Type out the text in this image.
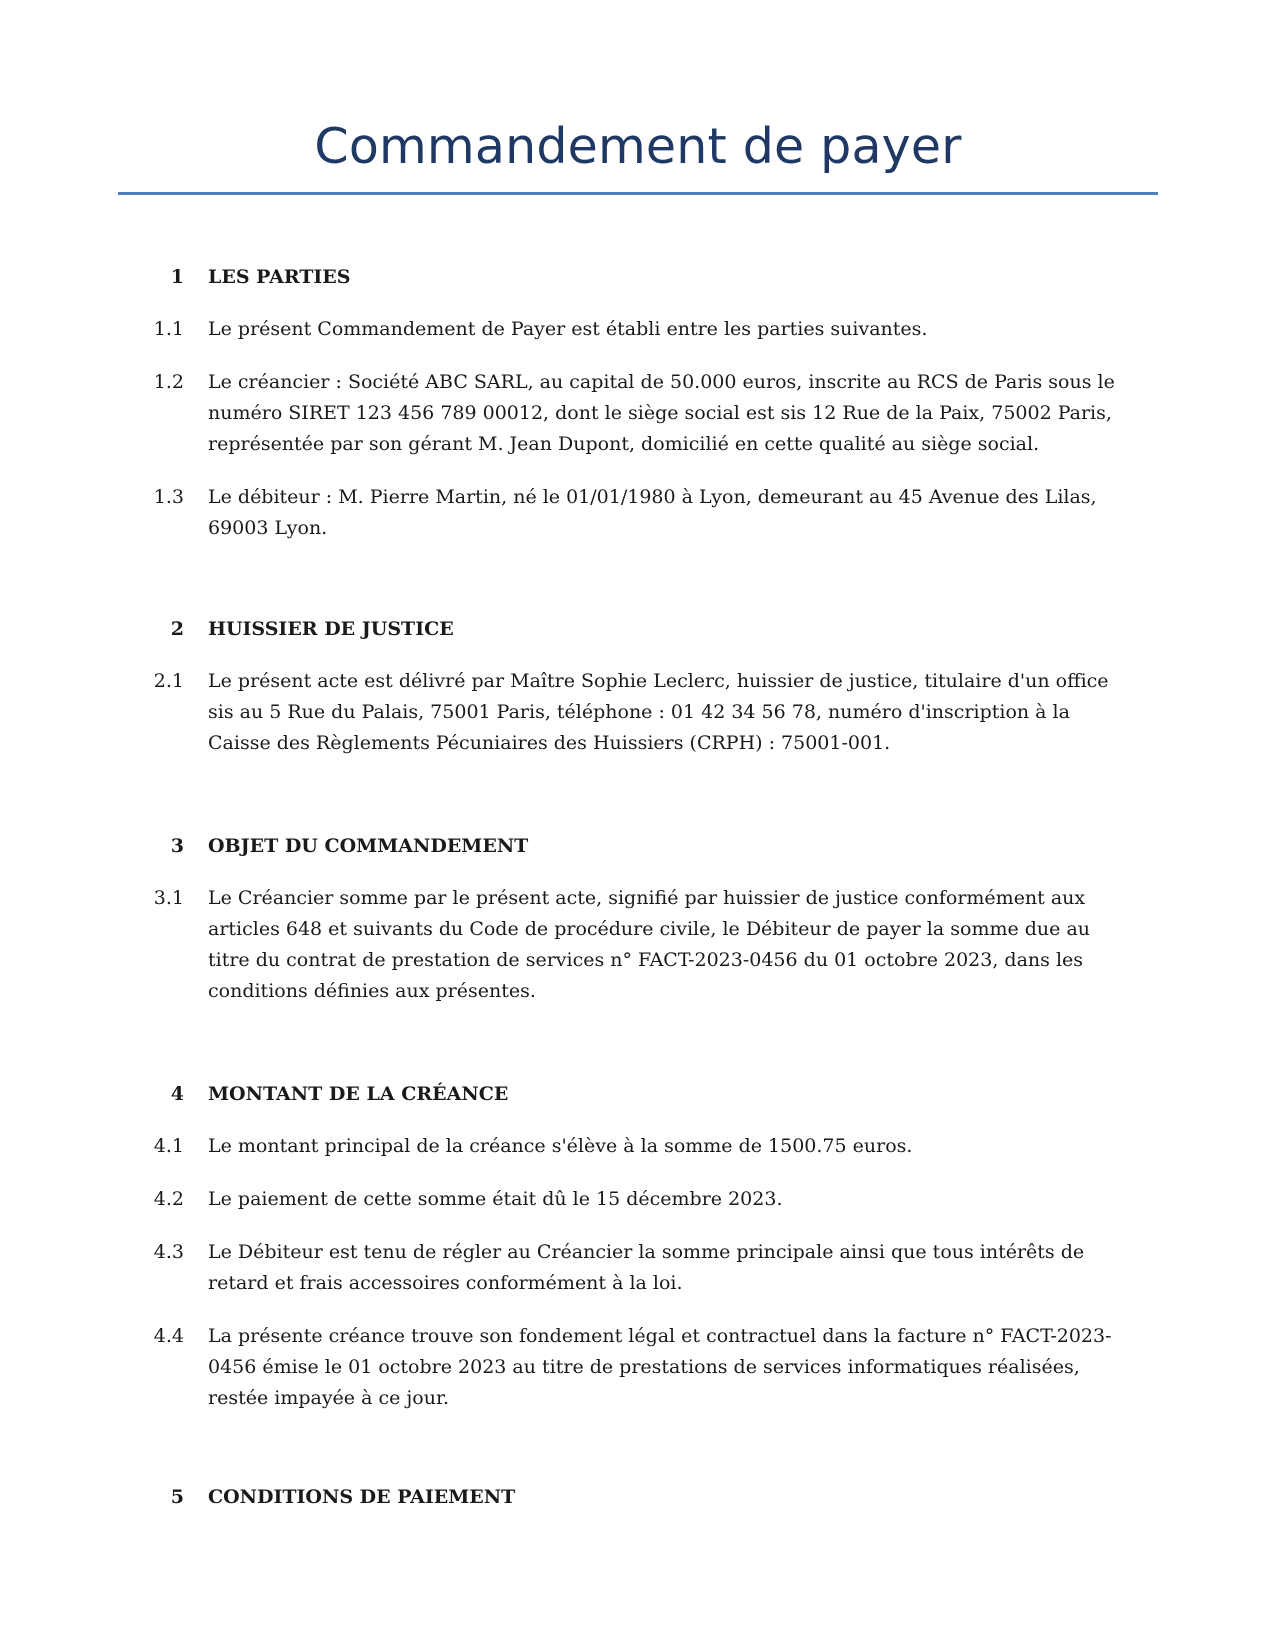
Commandement de payer
1 LES PARTIES
1.1 Le présent Commandement de Payer est établi entre les parties suivantes.
1.2 Le créancier : Société ABC SARL, au capital de 50.000 euros, inscrite au RCS de Paris sous le numéro SIRET 123 456 789 00012, dont le siège social est sis 12 Rue de la Paix, 75002 Paris, représentée par son gérant M. Jean Dupont, domicilié en cette qualité au siège social.
1.3 Le débiteur : M. Pierre Martin, né le 01/01/1980 à Lyon, demeurant au 45 Avenue des Lilas, 69003 Lyon.
2 HUISSIER DE JUSTICE
2.1 Le présent acte est délivré par Maître Sophie Leclerc, huissier de justice, titulaire d'un office sis au 5 Rue du Palais, 75001 Paris, téléphone : 01 42 34 56 78, numéro d'inscription à la Caisse des Règlements Pécuniaires des Huissiers (CRPH) : 75001-001.
3 OBJET DU COMMANDEMENT
3.1 Le Créancier somme par le présent acte, signifié par huissier de justice conformément aux articles 648 et suivants du Code de procédure civile, le Débiteur de payer la somme due au titre du contrat de prestation de services n° FACT-2023-0456 du 01 octobre 2023, dans les conditions définies aux présentes.
4 MONTANT DE LA CRÉANCE
4.1 Le montant principal de la créance s'élève à la somme de 1500.75 euros.
4.2 Le paiement de cette somme était dû le 15 décembre 2023.
4.3 Le Débiteur est tenu de régler au Créancier la somme principale ainsi que tous intérêts de retard et frais accessoires conformément à la loi.
4.4 La présente créance trouve son fondement légal et contractuel dans la facture n° FACT-2023-0456 émise le 01 octobre 2023 au titre de prestations de services informatiques réalisées, restée impayée à ce jour.
5 CONDITIONS DE PAIEMENT
